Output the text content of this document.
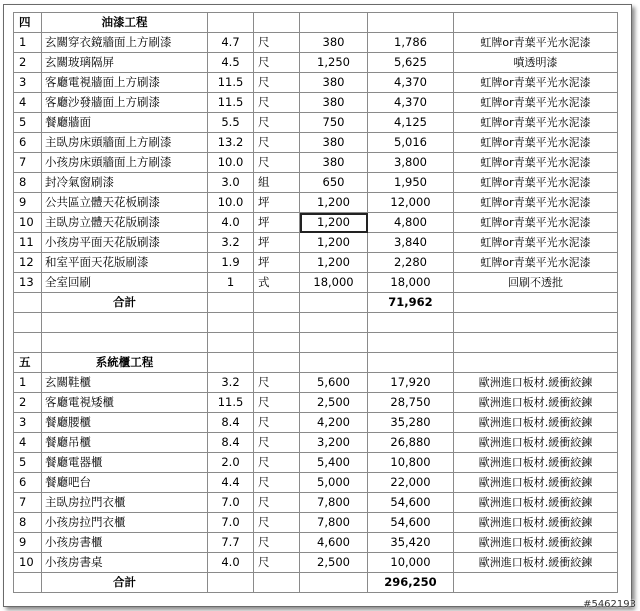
四	油漆工程					
1	玄關穿衣鏡牆面上方刷漆	4.7	尺	380	1,786	虹牌or青葉平光水泥漆
2	玄關玻璃隔屏	4.5	尺	1,250	5,625	噴透明漆
3	客廳電視牆面上方刷漆	11.5	尺	380	4,370	虹牌or青葉平光水泥漆
4	客廳沙發牆面上方刷漆	11.5	尺	380	4,370	虹牌or青葉平光水泥漆
5	餐廳牆面	5.5	尺	750	4,125	虹牌or青葉平光水泥漆
6	主臥房床頭牆面上方刷漆	13.2	尺	380	5,016	虹牌or青葉平光水泥漆
7	小孩房床頭牆面上方刷漆	10.0	尺	380	3,800	虹牌or青葉平光水泥漆
8	封冷氣窗刷漆	3.0	組	650	1,950	虹牌or青葉平光水泥漆
9	公共區立體天花板刷漆	10.0	坪	1,200	12,000	虹牌or青葉平光水泥漆
10	主臥房立體天花版刷漆	4.0	坪	1,200	4,800	虹牌or青葉平光水泥漆
11	小孩房平面天花版刷漆	3.2	坪	1,200	3,840	虹牌or青葉平光水泥漆
12	和室平面天花版刷漆	1.9	坪	1,200	2,280	虹牌or青葉平光水泥漆
13	全室回刷	1	式	18,000	18,000	回刷不透批
	合計				71,962	

五	系統櫃工程					
1	玄關鞋櫃	3.2	尺	5,600	17,920	歐洲進口板材.緩衝絞鍊
2	客廳電視矮櫃	11.5	尺	2,500	28,750	歐洲進口板材.緩衝絞鍊
3	餐廳腰櫃	8.4	尺	4,200	35,280	歐洲進口板材.緩衝絞鍊
4	餐廳吊櫃	8.4	尺	3,200	26,880	歐洲進口板材.緩衝絞鍊
5	餐廳電器櫃	2.0	尺	5,400	10,800	歐洲進口板材.緩衝絞鍊
6	餐廳吧台	4.4	尺	5,000	22,000	歐洲進口板材.緩衝絞鍊
7	主臥房拉門衣櫃	7.0	尺	7,800	54,600	歐洲進口板材.緩衝絞鍊
8	小孩房拉門衣櫃	7.0	尺	7,800	54,600	歐洲進口板材.緩衝絞鍊
9	小孩房書櫃	7.7	尺	4,600	35,420	歐洲進口板材.緩衝絞鍊
10	小孩房書桌	4.0	尺	2,500	10,000	歐洲進口板材.緩衝絞鍊
	合計				296,250	
#5462193
